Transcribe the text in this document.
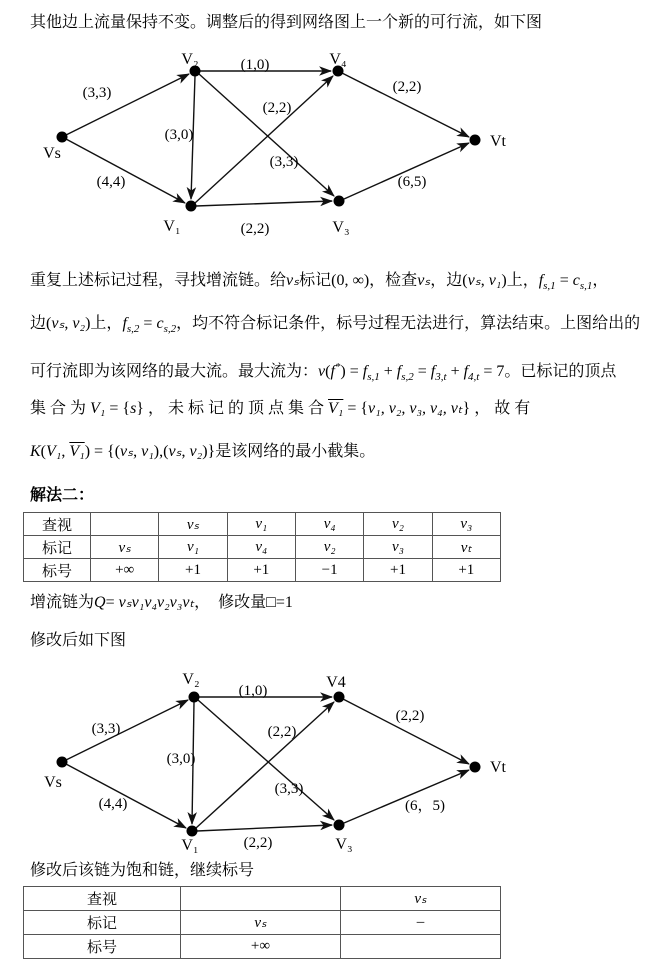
其他边上流量保持不变。调整后的得到网络图上一个新的可行流，如下图
V₂	V₄
Vs
V₁	V₃
Vt
(3,3)
(4,4)
(1,0)
(3,0)
(3,3)
(2,2)
(2,2)
(2,2)
(6,5)
重复上述标记过程，寻找增流链。给νₛ标记(0, ∞)，检查νₛ，边(νₛ, ν₁)上，$f_{s,1} = c_{s,1}$，
边(νₛ, ν₂)上，$f_{s,2} = c_{s,2}$，均不符合标记条件，标号过程无法进行，算法结束。上图给出的
可行流即为该网络的最大流。最大流为：$\nu(f^*) = f_{s,1} + f_{s,2} = f_{3,t} + f_{4,t} = 7$。已标记的顶点
集 合 为 V₁ = {s} ， 未 标 记 的 顶 点 集 合 V₁ = {ν₁, ν₂, ν₃, ν₄, νₜ} ， 故 有
K(V₁, V₁) = {(νₛ, ν₁),(νₛ, ν₂)}是该网络的最小截集。
解法二：
查视		νₛ	ν₁	ν₄	ν₂	ν₃
标记	νₛ	ν₁	ν₄	ν₂	ν₃	νₜ
标号	+∞	+1	+1	−1	+1	+1
增流链为Q= νₛν₁ν₄ν₂ν₃νₜ，　修改量□=1
修改后如下图
V₂	V4
Vs
V₁	V₃
Vt
(3,3)
(4,4)
(1,0)
(3,0)
(3,3)
(2,2)
(2,2)
(2,2)
(6，5)
修改后该链为饱和链，继续标号
查视		νₛ
标记	νₛ	–
标号	+∞	
